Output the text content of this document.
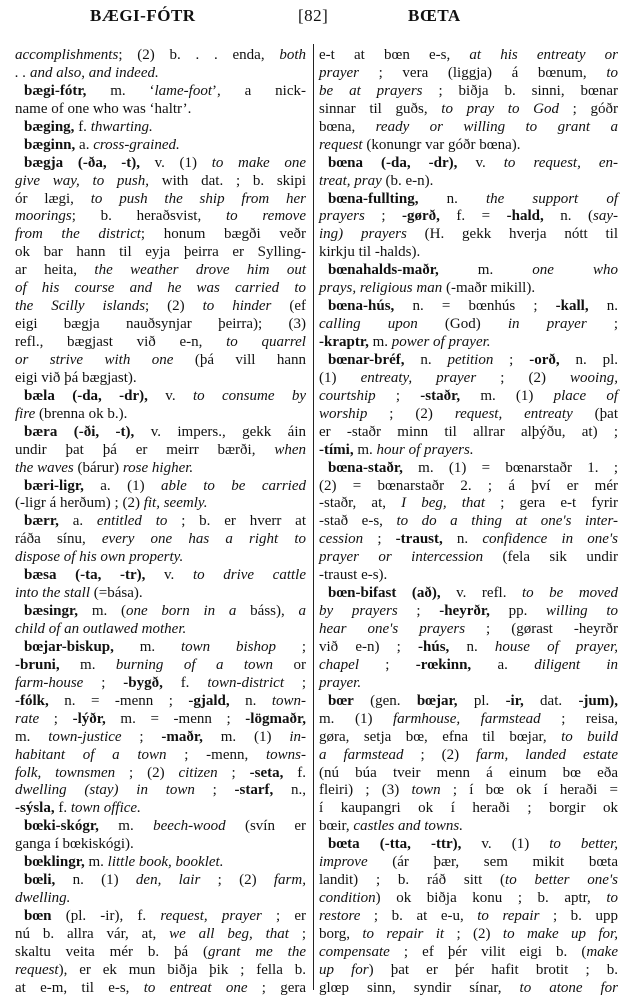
BÆGI-FÓTR	[82]	BŒTA
accomplishments; (2) b. . . enda, both
. . and also, and indeed.
bægi-fótr, m. ‘lame-foot’, a nick-
name of one who was ‘haltr’.
bæging, f. thwarting.
bæginn, a. cross-grained.
bægja (-ða, -t), v. (1) to make one
give way, to push, with dat. ; b. skipi
ór lægi, to push the ship from her
moorings; b. heraðsvist, to remove
from the district; honum bægði veðr
ok bar hann til eyja þeirra er Sylling-
ar heita, the weather drove him out
of his course and he was carried to
the Scilly islands; (2) to hinder (ef
eigi bægja nauðsynjar þeirra); (3)
refl., bægjast við e-n, to quarrel
or strive with one (þá vill hann
eigi við þá bægjast).
bæla (-da, -dr), v. to consume by
fire (brenna ok b.).
bæra (-ði, -t), v. impers., gekk áin
undir þat þá er meirr bærði, when
the waves (bárur) rose higher.
bæri-ligr, a. (1) able to be carried
(-ligr á herðum) ; (2) fit, seemly.
bærr, a. entitled to ; b. er hverr at
ráða sínu, every one has a right to
dispose of his own property.
bæsa (-ta, -tr), v. to drive cattle
into the stall (=bása).
bæsingr, m. (one born in a báss), a
child of an outlawed mother.
bœjar-biskup, m. town bishop ;
-bruni, m. burning of a town or
farm-house ; -bygð, f. town-district ;
-fólk, n. = -menn ; -gjald, n. town-
rate ; -lýðr, m. = -menn ; -lögmaðr,
m. town-justice ; -maðr, m. (1) in-
habitant of a town ; -menn, towns-
folk, townsmen ; (2) citizen ; -seta, f.
dwelling (stay) in town ; -starf, n.,
-sýsla, f. town office.
bœki-skógr, m. beech-wood (svín er
ganga í bœkiskógi).
bœklingr, m. little book, booklet.
bœli, n. (1) den, lair ; (2) farm,
dwelling.
bœn (pl. -ir), f. request, prayer ; er
nú b. allra vár, at, we all beg, that ;
skaltu veita mér b. þá (grant me the
request), er ek mun biðja þik ; fella b.
at e-m, til e-s, to entreat one ; gera
e-t at bœn e-s, at his entreaty or
prayer ; vera (liggja) á bœnum, to
be at prayers ; biðja b. sinni, bœnar
sinnar til guðs, to pray to God ; góðr
bœna, ready or willing to grant a
request (konungr var góðr bœna).
bœna (-da, -dr), v. to request, en-
treat, pray (b. e-n).
bœna-fullting, n. the support of
prayers ; -gørð, f. = -hald, n. (say-
ing) prayers (H. gekk hverja nótt til
kirkju til -halds).
bœnahalds-maðr, m. one who
prays, religious man (-maðr mikill).
bœna-hús, n. = bœnhús ; -kall, n.
calling upon (God) in prayer ;
-kraptr, m. power of prayer.
bœnar-bréf, n. petition ; -orð, n. pl.
(1) entreaty, prayer ; (2) wooing,
courtship ; -staðr, m. (1) place of
worship ; (2) request, entreaty (þat
er -staðr minn til allrar alþýðu, at) ;
-tími, m. hour of prayers.
bœna-staðr, m. (1) = bœnarstaðr 1. ;
(2) = bœnarstaðr 2. ; á því er mér
-staðr, at, I beg, that ; gera e-t fyrir
-stað e-s, to do a thing at one's inter-
cession ; -traust, n. confidence in one's
prayer or intercession (fela sik undir
-traust e-s).
bœn-bifast (að), v. refl. to be moved
by prayers ; -heyrðr, pp. willing to
hear one's prayers ; (gørast -heyrðr
við e-n) ; -hús, n. house of prayer,
chapel ; -rœkinn, a. diligent in
prayer.
bœr (gen. bœjar, pl. -ir, dat. -jum),
m. (1) farmhouse, farmstead ; reisa,
gøra, setja bœ, efna til bœjar, to build
a farmstead ; (2) farm, landed estate
(nú búa tveir menn á einum bœ eða
fleiri) ; (3) town ; í bœ ok í heraði =
í kaupangri ok í heraði ; borgir ok
bœir, castles and towns.
bœta (-tta, -ttr), v. (1) to better,
improve (ár þær, sem mikit bœta
landit) ; b. ráð sitt (to better one's
condition) ok biðja konu ; b. aptr, to
restore ; b. at e-u, to repair ; b. upp
borg, to repair it ; (2) to make up for,
compensate ; ef þér vilit eigi b. (make
up for) þat er þér hafit brotit ; b.
glœp sinn, syndir sínar, to atone for
